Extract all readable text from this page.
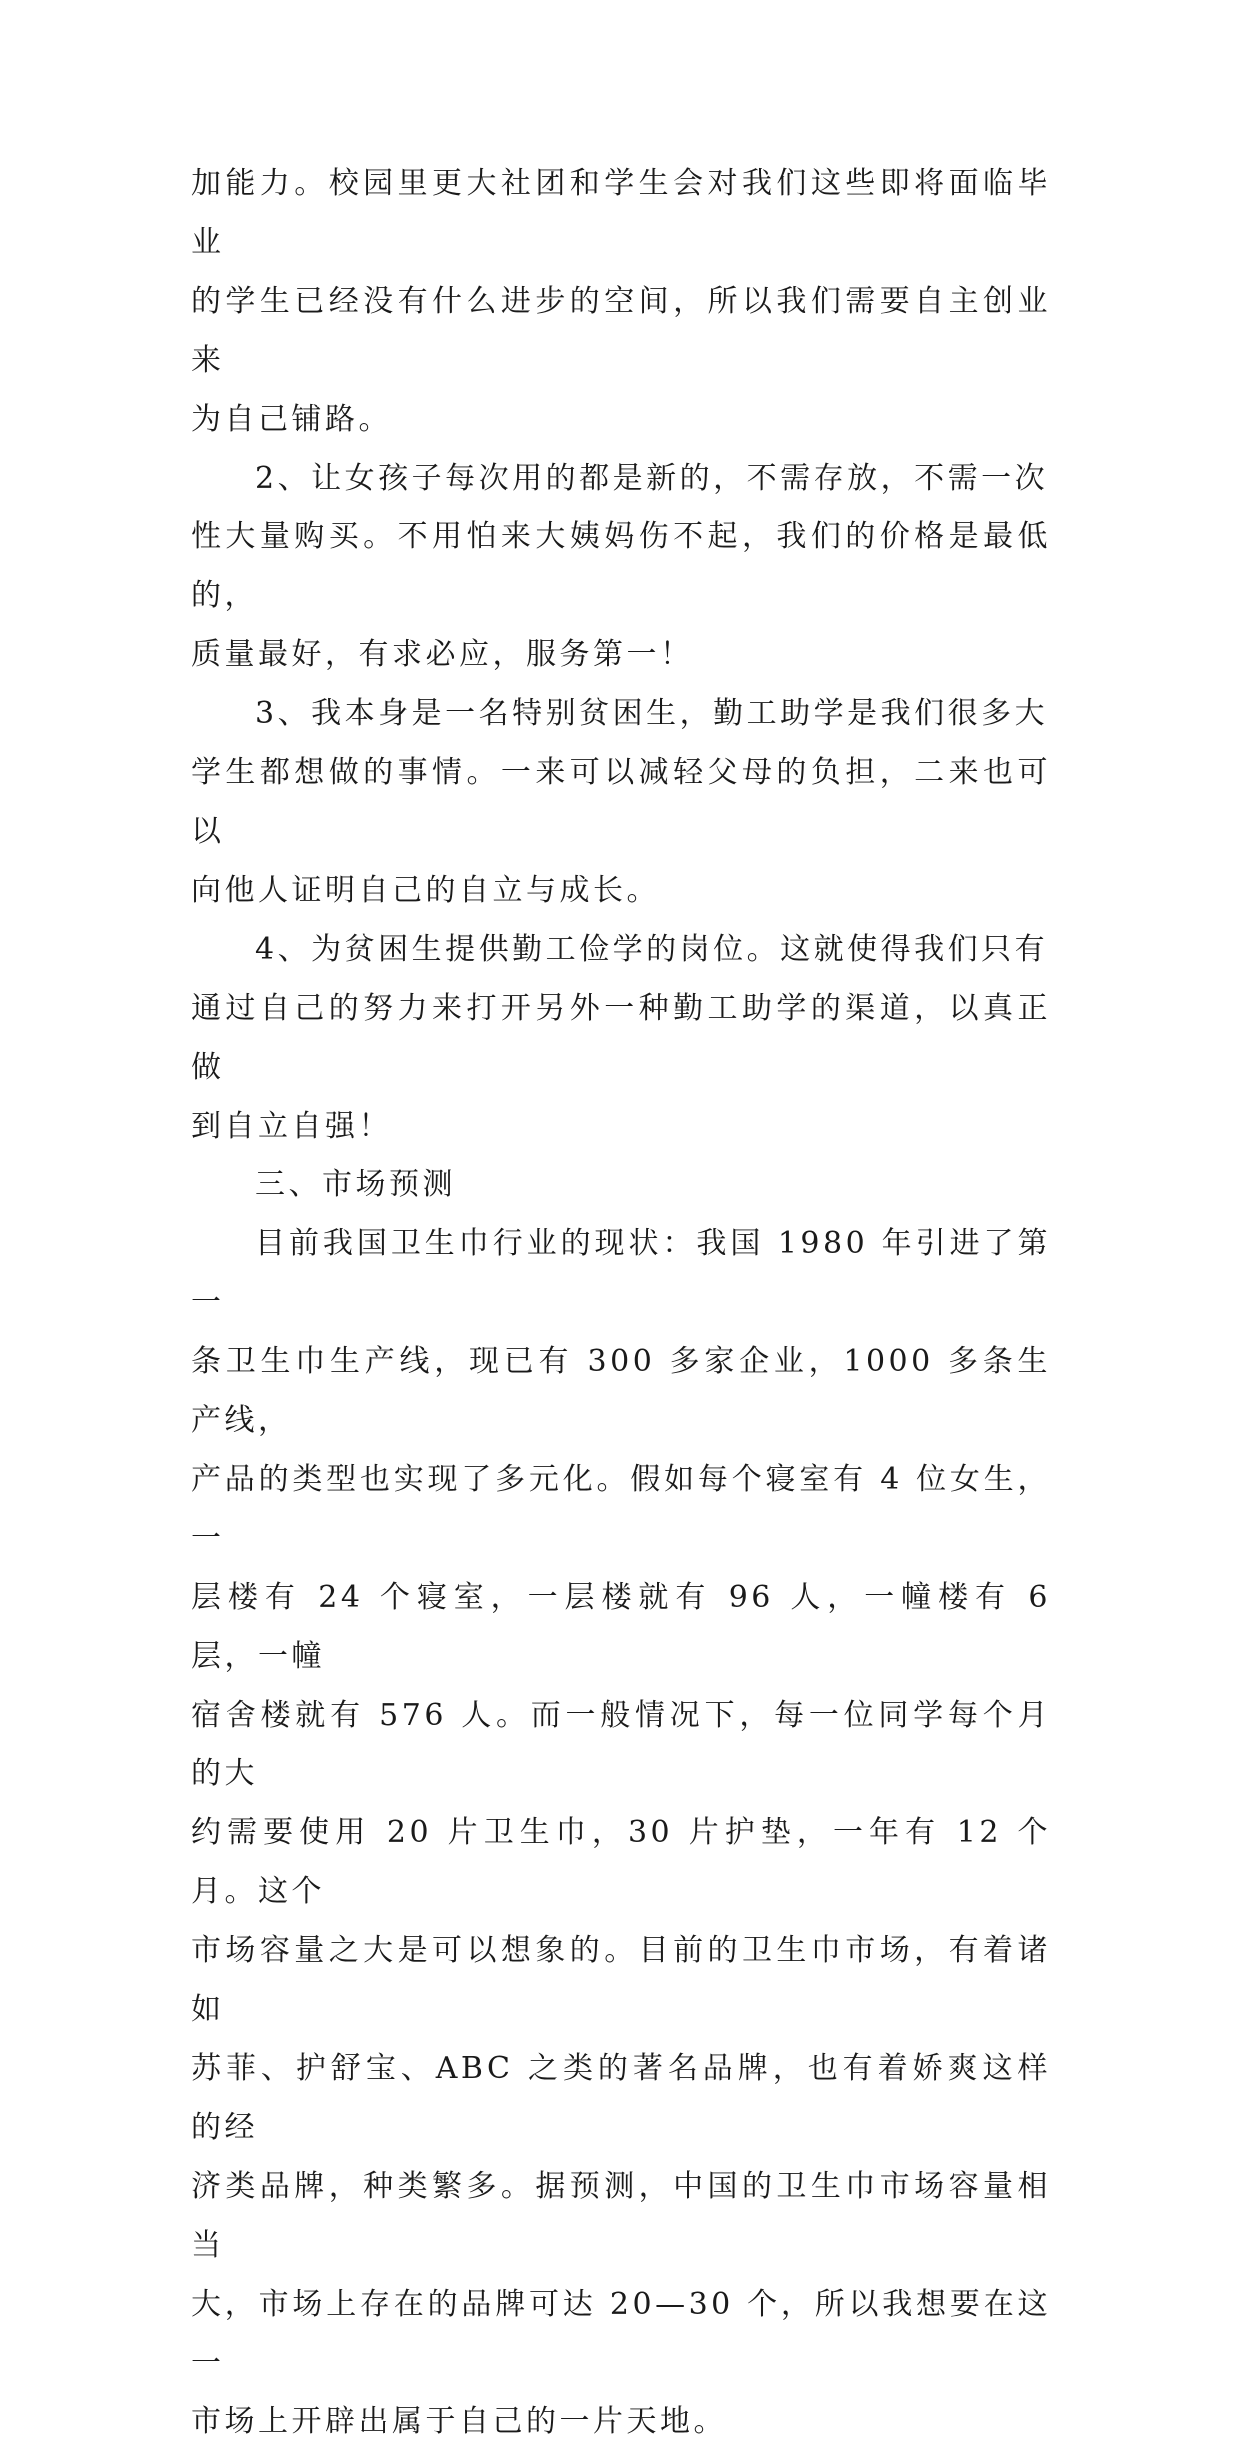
加能力。校园里更大社团和学生会对我们这些即将面临毕业
的学生已经没有什么进步的空间，所以我们需要自主创业来
为自己铺路。

2、让女孩子每次用的都是新的，不需存放，不需一次
性大量购买。不用怕来大姨妈伤不起，我们的价格是最低的，
质量最好，有求必应，服务第一！

3、我本身是一名特别贫困生，勤工助学是我们很多大
学生都想做的事情。一来可以减轻父母的负担，二来也可以
向他人证明自己的自立与成长。

4、为贫困生提供勤工俭学的岗位。这就使得我们只有
通过自己的努力来打开另外一种勤工助学的渠道，以真正做
到自立自强！

三、市场预测

目前我国卫生巾行业的现状：我国 1980 年引进了第一
条卫生巾生产线，现已有 300 多家企业，1000 多条生产线，
产品的类型也实现了多元化。假如每个寝室有 4 位女生，一
层楼有 24 个寝室，一层楼就有 96 人，一幢楼有 6 层，一幢
宿舍楼就有 576 人。而一般情况下，每一位同学每个月的大
约需要使用 20 片卫生巾，30 片护垫，一年有 12 个月。这个
市场容量之大是可以想象的。目前的卫生巾市场，有着诸如
苏菲、护舒宝、ABC 之类的著名品牌，也有着娇爽这样的经
济类品牌，种类繁多。据预测，中国的卫生巾市场容量相当
大，市场上存在的品牌可达 20—30 个，所以我想要在这一
市场上开辟出属于自己的一片天地。
